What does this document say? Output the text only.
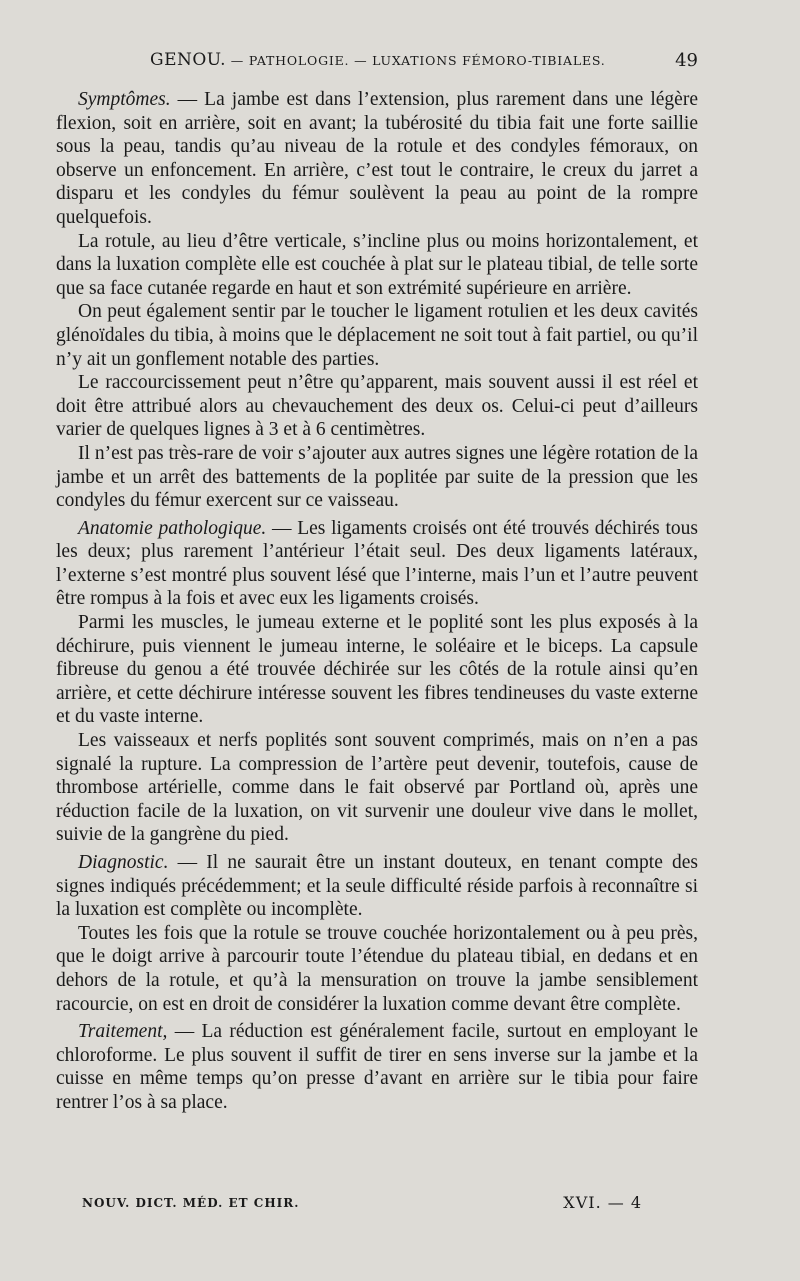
GENOU. — PATHOLOGIE. — LUXATIONS FÉMORO-TIBIALES.	49

Symptômes. — La jambe est dans l’extension, plus rarement dans une légère flexion, soit en arrière, soit en avant; la tubérosité du tibia fait une forte saillie sous la peau, tandis qu’au niveau de la rotule et des condyles fémoraux, on observe un enfoncement. En arrière, c’est tout le contraire, le creux du jarret a disparu et les condyles du fémur soulèvent la peau au point de la rompre quelquefois.

La rotule, au lieu d’être verticale, s’incline plus ou moins horizontalement, et dans la luxation complète elle est couchée à plat sur le plateau tibial, de telle sorte que sa face cutanée regarde en haut et son extrémité supérieure en arrière.

On peut également sentir par le toucher le ligament rotulien et les deux cavités glénoïdales du tibia, à moins que le déplacement ne soit tout à fait partiel, ou qu’il n’y ait un gonflement notable des parties.

Le raccourcissement peut n’être qu’apparent, mais souvent aussi il est réel et doit être attribué alors au chevauchement des deux os. Celui-ci peut d’ailleurs varier de quelques lignes à 3 et à 6 centimètres.

Il n’est pas très-rare de voir s’ajouter aux autres signes une légère rotation de la jambe et un arrêt des battements de la poplitée par suite de la pression que les condyles du fémur exercent sur ce vaisseau.

Anatomie pathologique. — Les ligaments croisés ont été trouvés déchirés tous les deux; plus rarement l’antérieur l’était seul. Des deux ligaments latéraux, l’externe s’est montré plus souvent lésé que l’interne, mais l’un et l’autre peuvent être rompus à la fois et avec eux les ligaments croisés.

Parmi les muscles, le jumeau externe et le poplité sont les plus exposés à la déchirure, puis viennent le jumeau interne, le soléaire et le biceps. La capsule fibreuse du genou a été trouvée déchirée sur les côtés de la rotule ainsi qu’en arrière, et cette déchirure intéresse souvent les fibres tendineuses du vaste externe et du vaste interne.

Les vaisseaux et nerfs poplités sont souvent comprimés, mais on n’en a pas signalé la rupture. La compression de l’artère peut devenir, toutefois, cause de thrombose artérielle, comme dans le fait observé par Portland où, après une réduction facile de la luxation, on vit survenir une douleur vive dans le mollet, suivie de la gangrène du pied.

Diagnostic. — Il ne saurait être un instant douteux, en tenant compte des signes indiqués précédemment; et la seule difficulté réside parfois à reconnaître si la luxation est complète ou incomplète.

Toutes les fois que la rotule se trouve couchée horizontalement ou à peu près, que le doigt arrive à parcourir toute l’étendue du plateau tibial, en dedans et en dehors de la rotule, et qu’à la mensuration on trouve la jambe sensiblement racourcie, on est en droit de considérer la luxation comme devant être complète.

Traitement, — La réduction est généralement facile, surtout en employant le chloroforme. Le plus souvent il suffit de tirer en sens inverse sur la jambe et la cuisse en même temps qu’on presse d’avant en arrière sur le tibia pour faire rentrer l’os à sa place.

NOUV. DICT. MÉD. ET CHIR.	XVI. — 4
